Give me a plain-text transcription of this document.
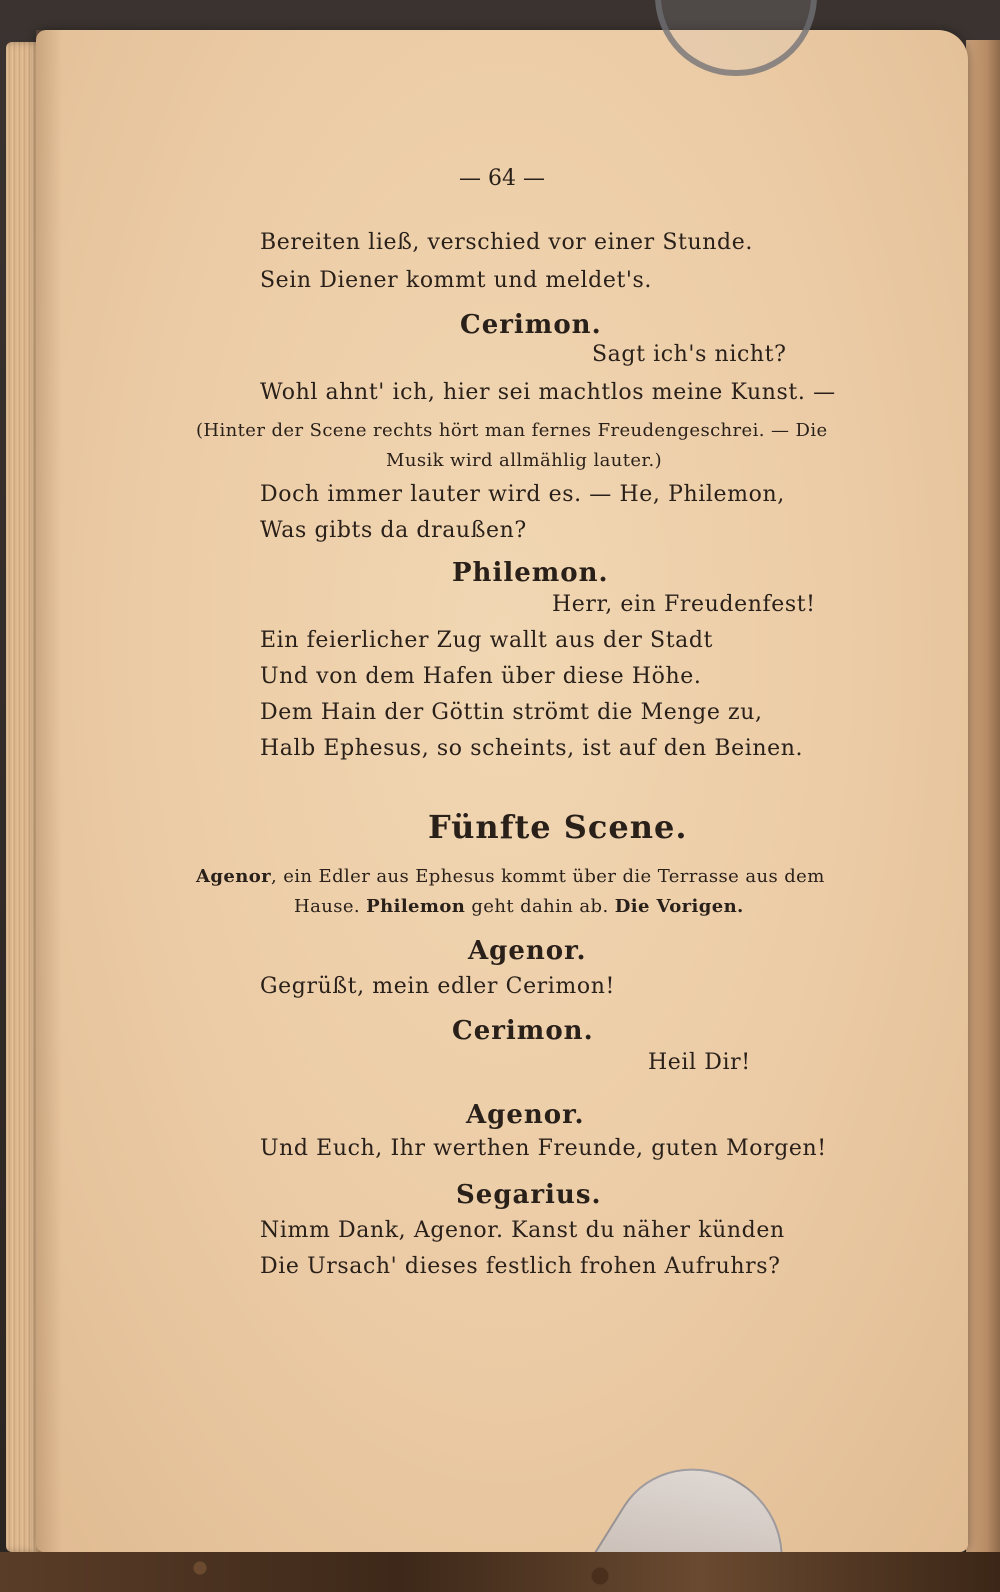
— 64 —
Bereiten ließ, verschied vor einer Stunde.
Sein Diener kommt und meldet's.
Cerimon.
Sagt ich's nicht?
Wohl ahnt' ich, hier sei machtlos meine Kunst. —
(Hinter der Scene rechts hört man fernes Freudengeschrei. — Die
Musik wird allmählig lauter.)
Doch immer lauter wird es. — He, Philemon,
Was gibts da draußen?
Philemon.
Herr, ein Freudenfest!
Ein feierlicher Zug wallt aus der Stadt
Und von dem Hafen über diese Höhe.
Dem Hain der Göttin strömt die Menge zu,
Halb Ephesus, so scheints, ist auf den Beinen.
Fünfte Scene.
Agenor, ein Edler aus Ephesus kommt über die Terrasse aus dem
Hause. Philemon geht dahin ab. Die Vorigen.
Agenor.
Gegrüßt, mein edler Cerimon!
Cerimon.
Heil Dir!
Agenor.
Und Euch, Ihr werthen Freunde, guten Morgen!
Segarius.
Nimm Dank, Agenor. Kanst du näher künden
Die Ursach' dieses festlich frohen Aufruhrs?
